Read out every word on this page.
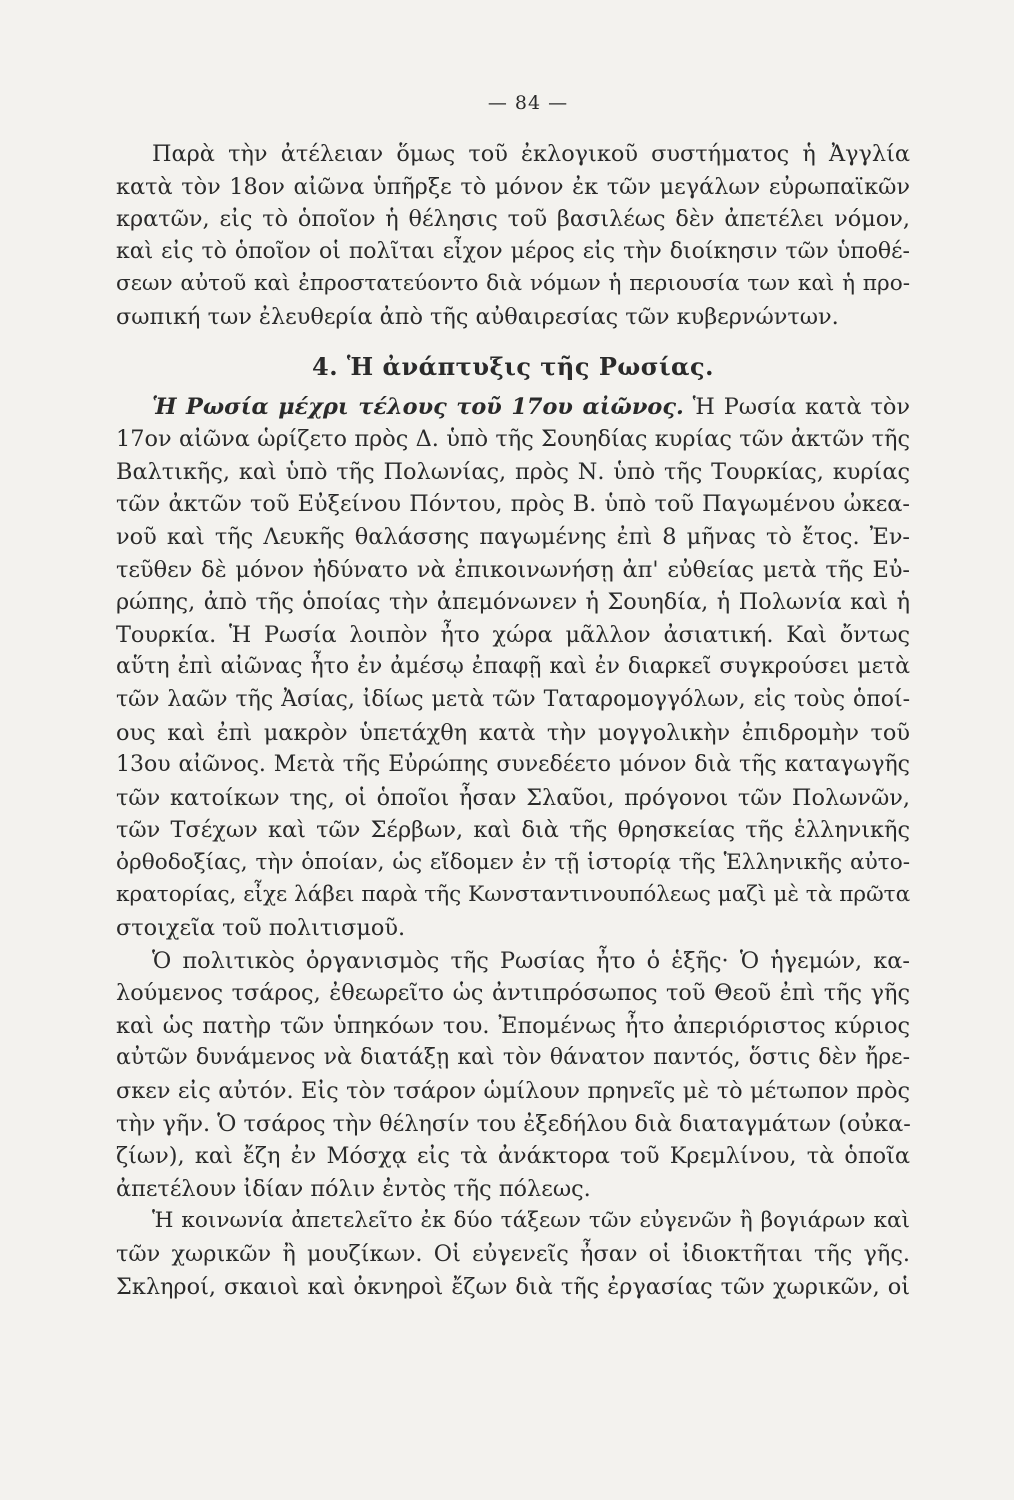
— 84 —

Παρὰ τὴν ἀτέλειαν ὅμως τοῦ ἐκλογικοῦ συστήματος ἡ Ἀγγλία
κατὰ τὸν 18ον αἰῶνα ὑπῆρξε τὸ μόνον ἐκ τῶν μεγάλων εὐρωπαϊκῶν
κρατῶν, εἰς τὸ ὁποῖον ἡ θέλησις τοῦ βασιλέως δὲν ἀπετέλει νόμον,
καὶ εἰς τὸ ὁποῖον οἱ πολῖται εἶχον μέρος εἰς τὴν διοίκησιν τῶν ὑποθέ-
σεων αὐτοῦ καὶ ἐπροστατεύοντο διὰ νόμων ἡ περιουσία των καὶ ἡ προ-
σωπική των ἐλευθερία ἀπὸ τῆς αὐθαιρεσίας τῶν κυβερνώντων.

4. Ἡ ἀνάπτυξις τῆς Ρωσίας.

Ἡ Ρωσία μέχρι τέλους τοῦ 17ου αἰῶνος. Ἡ Ρωσία κατὰ τὸν
17ον αἰῶνα ὡρίζετο πρὸς Δ. ὑπὸ τῆς Σουηδίας κυρίας τῶν ἀκτῶν τῆς
Βαλτικῆς, καὶ ὑπὸ τῆς Πολωνίας, πρὸς Ν. ὑπὸ τῆς Τουρκίας, κυρίας
τῶν ἀκτῶν τοῦ Εὐξείνου Πόντου, πρὸς Β. ὑπὸ τοῦ Παγωμένου ὠκεα-
νοῦ καὶ τῆς Λευκῆς θαλάσσης παγωμένης ἐπὶ 8 μῆνας τὸ ἔτος. Ἐν-
τεῦθεν δὲ μόνον ἠδύνατο νὰ ἐπικοινωνήσῃ ἀπ' εὐθείας μετὰ τῆς Εὐ-
ρώπης, ἀπὸ τῆς ὁποίας τὴν ἀπεμόνωνεν ἡ Σουηδία, ἡ Πολωνία καὶ ἡ
Τουρκία. Ἡ Ρωσία λοιπὸν ἦτο χώρα μᾶλλον ἀσιατική. Καὶ ὄντως
αὕτη ἐπὶ αἰῶνας ἦτο ἐν ἀμέσῳ ἐπαφῇ καὶ ἐν διαρκεῖ συγκρούσει μετὰ
τῶν λαῶν τῆς Ἀσίας, ἰδίως μετὰ τῶν Ταταρομογγόλων, εἰς τοὺς ὁποί-
ους καὶ ἐπὶ μακρὸν ὑπετάχθη κατὰ τὴν μογγολικὴν ἐπιδρομὴν τοῦ
13ου αἰῶνος. Μετὰ τῆς Εὐρώπης συνεδέετο μόνον διὰ τῆς καταγωγῆς
τῶν κατοίκων της, οἱ ὁποῖοι ἦσαν Σλαῦοι, πρόγονοι τῶν Πολωνῶν,
τῶν Τσέχων καὶ τῶν Σέρβων, καὶ διὰ τῆς θρησκείας τῆς ἑλληνικῆς
ὀρθοδοξίας, τὴν ὁποίαν, ὡς εἴδομεν ἐν τῇ ἱστορίᾳ τῆς Ἑλληνικῆς αὐτο-
κρατορίας, εἶχε λάβει παρὰ τῆς Κωνσταντινουπόλεως μαζὶ μὲ τὰ πρῶτα
στοιχεῖα τοῦ πολιτισμοῦ.

Ὁ πολιτικὸς ὀργανισμὸς τῆς Ρωσίας ἦτο ὁ ἑξῆς· Ὁ ἡγεμών, κα-
λούμενος τσάρος, ἐθεωρεῖτο ὡς ἀντιπρόσωπος τοῦ Θεοῦ ἐπὶ τῆς γῆς
καὶ ὡς πατὴρ τῶν ὑπηκόων του. Ἐπομένως ἦτο ἀπεριόριστος κύριος
αὐτῶν δυνάμενος νὰ διατάξῃ καὶ τὸν θάνατον παντός, ὅστις δὲν ἤρε-
σκεν εἰς αὐτόν. Εἰς τὸν τσάρον ὡμίλουν πρηνεῖς μὲ τὸ μέτωπον πρὸς
τὴν γῆν. Ὁ τσάρος τὴν θέλησίν του ἐξεδήλου διὰ διαταγμάτων (οὐκα-
ζίων), καὶ ἔζη ἐν Μόσχᾳ εἰς τὰ ἀνάκτορα τοῦ Κρεμλίνου, τὰ ὁποῖα
ἀπετέλουν ἰδίαν πόλιν ἐντὸς τῆς πόλεως.

Ἡ κοινωνία ἀπετελεῖτο ἐκ δύο τάξεων τῶν εὐγενῶν ἢ βογιάρων καὶ
τῶν χωρικῶν ἢ μουζίκων. Οἱ εὐγενεῖς ἦσαν οἱ ἰδιοκτῆται τῆς γῆς.
Σκληροί, σκαιοὶ καὶ ὀκνηροὶ ἔζων διὰ τῆς ἐργασίας τῶν χωρικῶν, οἱ
